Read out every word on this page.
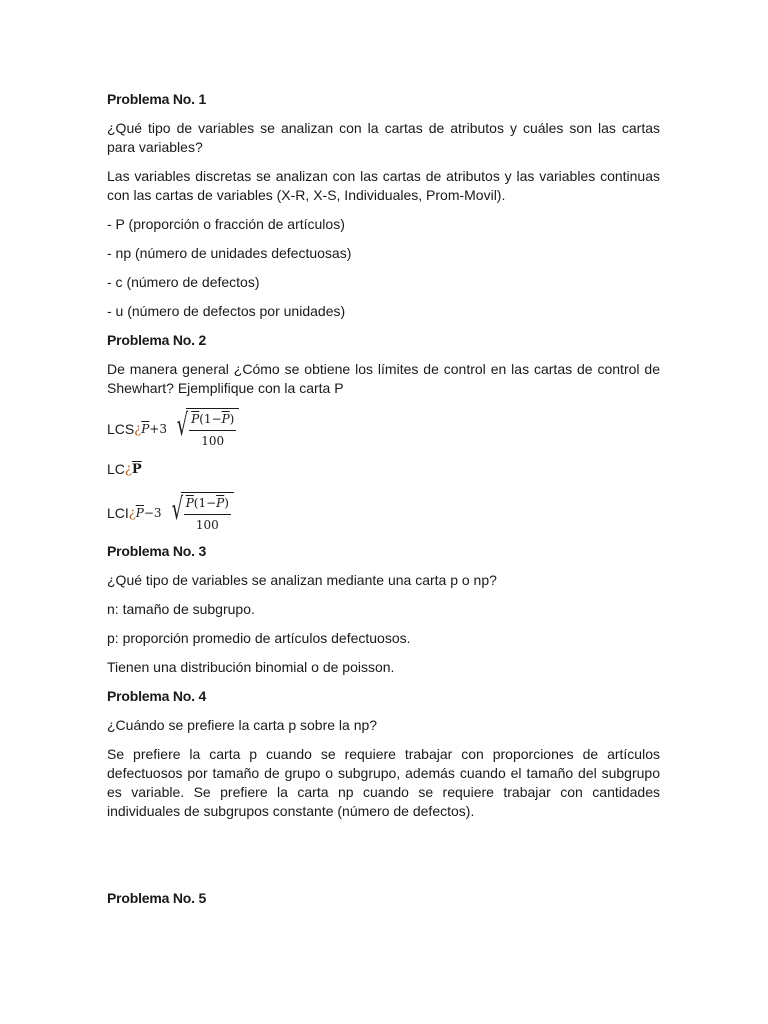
Problema No. 1
¿Qué tipo de variables se analizan con la cartas de atributos y cuáles son las cartas para variables?
Las variables discretas se analizan con las cartas de atributos y las variables continuas con las cartas de variables (X-R, X-S, Individuales, Prom-Movil).
- P (proporción o fracción de artículos)
- np (número de unidades defectuosas)
- c (número de defectos)
- u (número de defectos por unidades)
Problema No. 2
De manera general ¿Cómo se obtiene los límites de control en las cartas de control de Shewhart? Ejemplifique con la carta P
LCS ¿ $\overline{P} +3$ √ $\frac{P(1-\overline{P})}{100}$
LC ¿ $\overline{P}$
LCI ¿ $\overline{P} -3$ √ $\frac{P(1-\overline{P})}{100}$
Problema No. 3
¿Qué tipo de variables se analizan mediante una carta p o np?
n: tamaño de subgrupo.
p: proporción promedio de artículos defectuosos.
Tienen una distribución binomial o de poisson.
Problema No. 4
¿Cuándo se prefiere la carta p sobre la np?
Se prefiere la carta p cuando se requiere trabajar con proporciones de artículos defectuosos por tamaño de grupo o subgrupo, además cuando el tamaño del subgrupo es variable. Se prefiere la carta np cuando se requiere trabajar con cantidades individuales de subgrupos constante (número de defectos).
Problema No. 5
